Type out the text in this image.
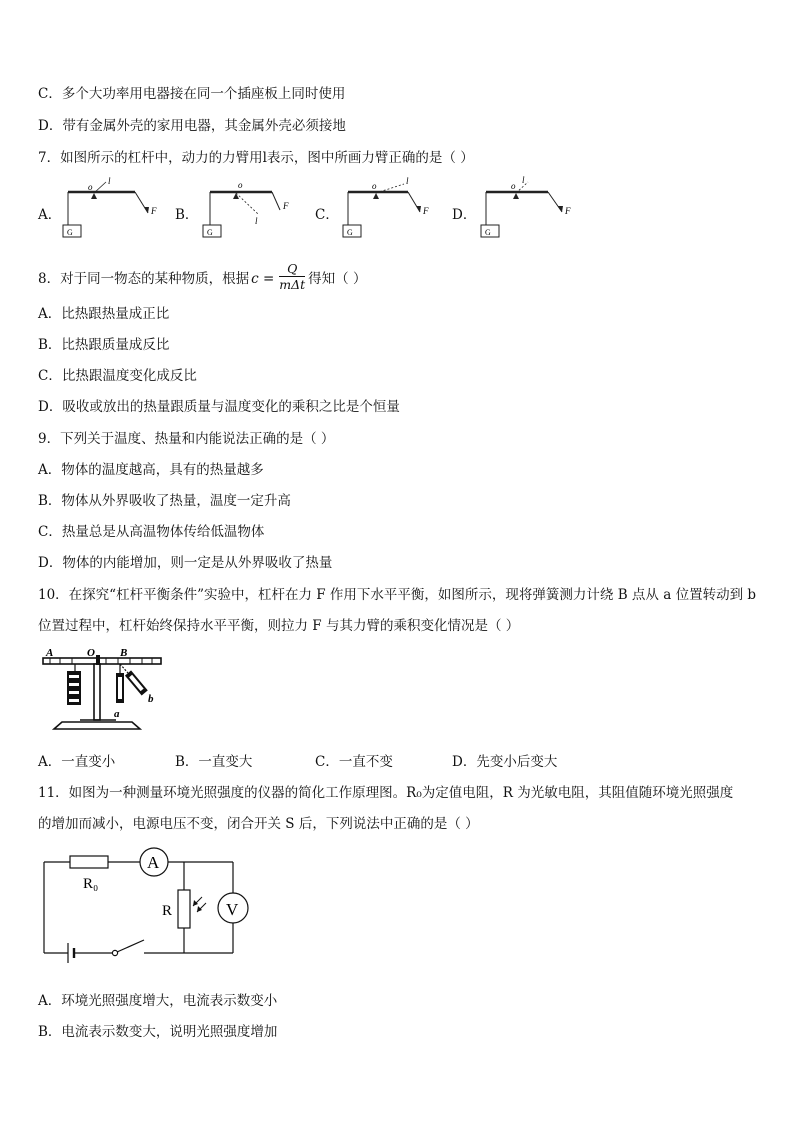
C．多个大功率用电器接在同一个插座板上同时使用
D．带有金属外壳的家用电器，其金属外壳必须接地
7．如图所示的杠杆中，动力的力臂用l表示，图中所画力臂正确的是（ ）
A．	B．	C．	D．
G
o
l
F
G
o
l
F
G
o	l
F
G
o
l
F
8．对于同一物态的某种物质，根据 c =
Q
mΔt 得知（ ）
A．比热跟热量成正比
B．比热跟质量成反比
C．比热跟温度变化成反比
D．吸收或放出的热量跟质量与温度变化的乘积之比是个恒量
9．下列关于温度、热量和内能说法正确的是（ ）
A．物体的温度越高，具有的热量越多
B．物体从外界吸收了热量，温度一定升高
C．热量总是从高温物体传给低温物体
D．物体的内能增加，则一定是从外界吸收了热量
10．在探究“杠杆平衡条件”实验中，杠杆在力 F 作用下水平平衡，如图所示，现将弹簧测力计绕 B 点从 a 位置转动到 b
位置过程中，杠杆始终保持水平平衡，则拉力 F 与其力臂的乘积变化情况是（ ）
A	O B
a
b
A．一直变小	B．一直变大	C．一直不变	D．先变小后变大
11．如图为一种测量环境光照强度的仪器的简化工作原理图。R₀为定值电阻，R 为光敏电阻，其阻值随环境光照强度
的增加而减小，电源电压不变，闭合开关 S 后，下列说法中正确的是（ ）
A
R₀
R	V
A．环境光照强度增大，电流表示数变小
B．电流表示数变大，说明光照强度增加
